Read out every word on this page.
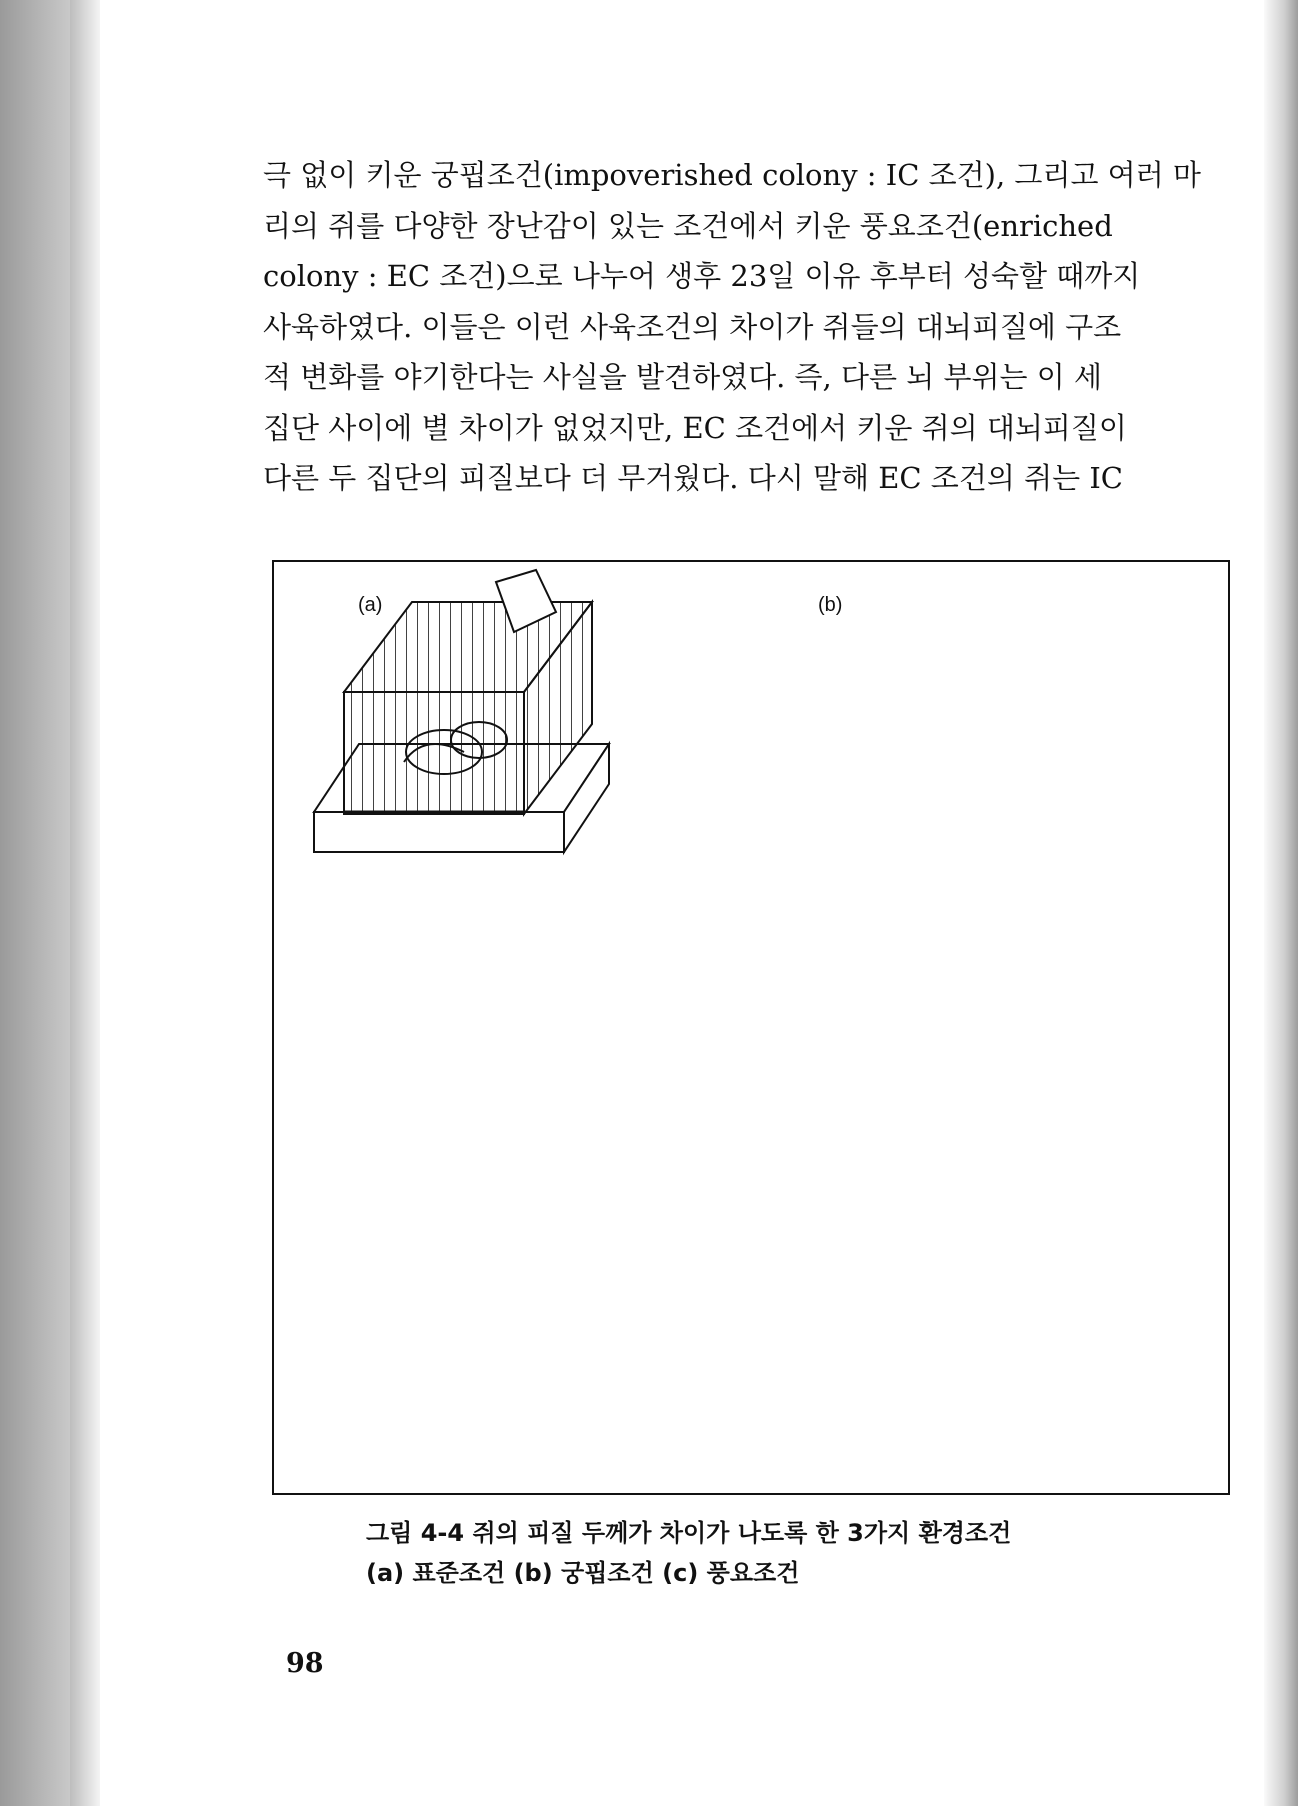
극 없이 키운 궁핍조건(impoverished colony : IC 조건), 그리고 여러 마

리의 쥐를 다양한 장난감이 있는 조건에서 키운 풍요조건(enriched

colony : EC 조건)으로 나누어 생후 23일 이유 후부터 성숙할 때까지

사육하였다. 이들은 이런 사육조건의 차이가 쥐들의 대뇌피질에 구조

적 변화를 야기한다는 사실을 발견하였다. 즉, 다른 뇌 부위는 이 세

집단 사이에 별 차이가 없었지만, EC 조건에서 키운 쥐의 대뇌피질이

다른 두 집단의 피질보다 더 무거웠다. 다시 말해 EC 조건의 쥐는 IC

(a)	(b)

그림 4-4 쥐의 피질 두께가 차이가 나도록 한 3가지 환경조건

(a) 표준조건 (b) 궁핍조건 (c) 풍요조건

98
